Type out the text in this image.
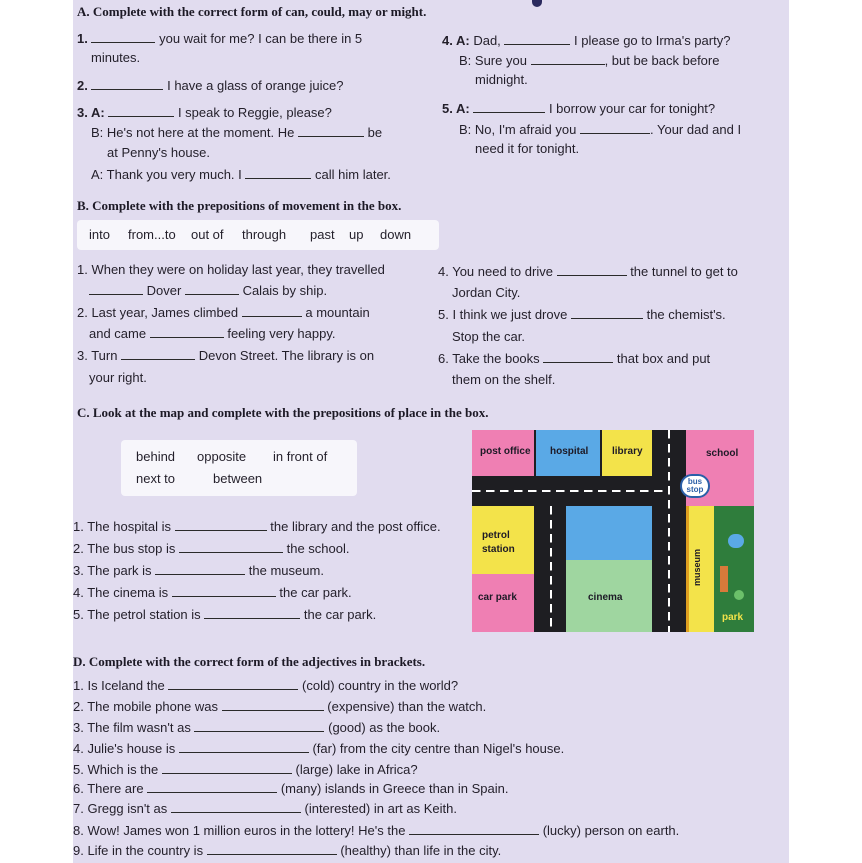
A. Complete with the correct form of can, could, may or might.
1.	you wait for me? I can be there in 5
minutes.
2.	I have a glass of orange juice?
3. A:	I speak to Reggie, please?
B: He's not here at the moment. He	be
at Penny's house.
A: Thank you very much. I	call him later.
4. A: Dad,	I please go to Irma's party?
B: Sure you	, but be back before
midnight.
5. A:	I borrow your car for tonight?
B: No, I'm afraid you	. Your dad and I
need it for tonight.
B. Complete with the prepositions of movement in the box.
into from...to out of through past up down
1. When they were on holiday last year, they travelled
Dover	Calais by ship.
2. Last year, James climbed	a mountain
and came	feeling very happy.
3. Turn	Devon Street. The library is on
your right.
4. You need to drive	the tunnel to get to
Jordan City.
5. I think we just drove	the chemist's.
Stop the car.
6. Take the books	that box and put
them on the shelf.
C. Look at the map and complete with the prepositions of place in the box.
behind opposite in front of
next to	between
1. The hospital is	the library and the post office.
2. The bus stop is	the school.
3. The park is	the museum.
4. The cinema is	the car park.
5. The petrol station is	the car park.
D. Complete with the correct form of the adjectives in brackets.
1. Is Iceland the	(cold) country in the world?
2. The mobile phone was	(expensive) than the watch.
3. The film wasn't as	(good) as the book.
4. Julie's house is	(far) from the city centre than Nigel's house.
5. Which is the	(large) lake in Africa?
6. There are	(many) islands in Greece than in Spain.
7. Gregg isn't as	(interested) in art as Keith.
8. Wow! James won 1 million euros in the lottery! He's the	(lucky) person on earth.
9. Life in the country is	(healthy) than life in the city.
post office hospital library	school
bus
stop
petrol
station
car park	cinema
museum
park
